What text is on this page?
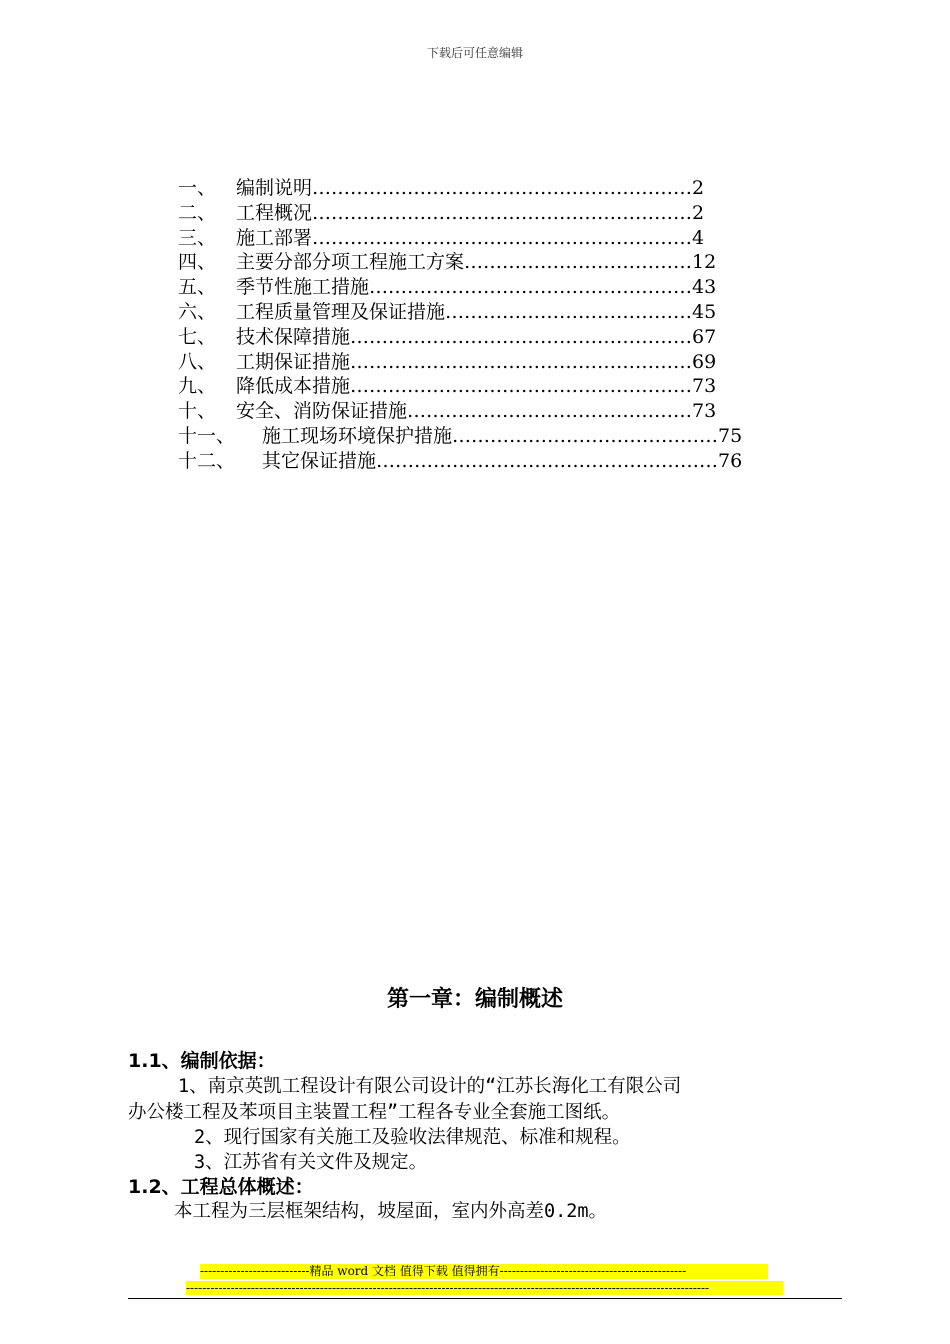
下载后可任意编辑
一、 编制说明……………………………………………………2
二、 工程概况……………………………………………………2
三、 施工部署……………………………………………………4
四、 主要分部分项工程施工方案………………………………12
五、 季节性施工措施……………………………………………43
六、 工程质量管理及保证措施…………………………………45
七、 技术保障措施………………………………………………67
八、 工期保证措施………………………………………………69
九、 降低成本措施………………………………………………73
十、 安全、消防保证措施………………………………………73
十一、 施工现场环境保护措施……………………………………75
十二、 其它保证措施………………………………………………76
第一章：编制概述
1.1、编制依据：
1、南京英凯工程设计有限公司设计的“江苏长海化工有限公司
办公楼工程及苯项目主装置工程”工程各专业全套施工图纸。
2、现行国家有关施工及验收法律规范、标准和规程。
3、江苏省有关文件及规定。
1.2、工程总体概述：
本工程为三层框架结构，坡屋面，室内外高差0.2m。
---------------------------精品 word 文档 值得下载 值得拥有----------------------------------------------
---------------------------------------------------------------------------------------------------------------------------------
